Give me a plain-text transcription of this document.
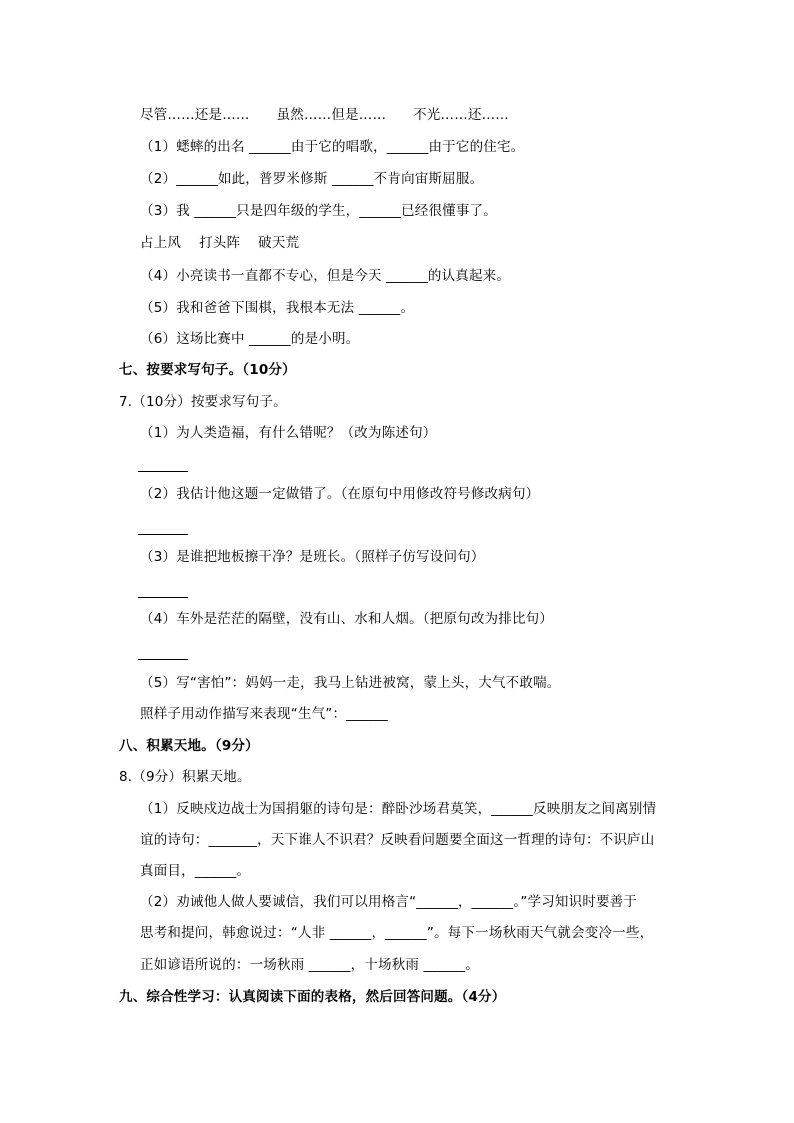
尽管……还是……      虽然……但是……      不光……还……
（1）蟋蟀的出名 ______由于它的唱歌，______由于它的住宅。
（2）______如此，普罗米修斯 ______不肯向宙斯屈服。
（3）我 ______只是四年级的学生，______已经很懂事了。
占上风    打头阵    破天荒
（4）小亮读书一直都不专心，但是今天 ______的认真起来。
（5）我和爸爸下围棋，我根本无法 ______。
（6）这场比赛中 ______的是小明。
七、按要求写句子。（10分）
7.（10分）按要求写句子。
（1）为人类造福，有什么错呢？（改为陈述句）
（2）我估计他这题一定做错了。（在原句中用修改符号修改病句）
（3）是谁把地板擦干净？是班长。（照样子仿写设问句）
（4）车外是茫茫的隔壁，没有山、水和人烟。（把原句改为排比句）
（5）写“害怕”：妈妈一走，我马上钻进被窝，蒙上头，大气不敢喘。
照样子用动作描写来表现“生气”：______
八、积累天地。（9分）
8.（9分）积累天地。
（1）反映戍边战士为国捐躯的诗句是：醉卧沙场君莫笑，______反映朋友之间离别情
谊的诗句：_______，天下谁人不识君？反映看问题要全面这一哲理的诗句：不识庐山
真面目，______。
（2）劝诫他人做人要诚信，我们可以用格言“______，______。”学习知识时要善于
思考和提问，韩愈说过：“人非 ______，______”。每下一场秋雨天气就会变冷一些，
正如谚语所说的：一场秋雨 ______，十场秋雨 ______。
九、综合性学习：认真阅读下面的表格，然后回答问题。（4分）
